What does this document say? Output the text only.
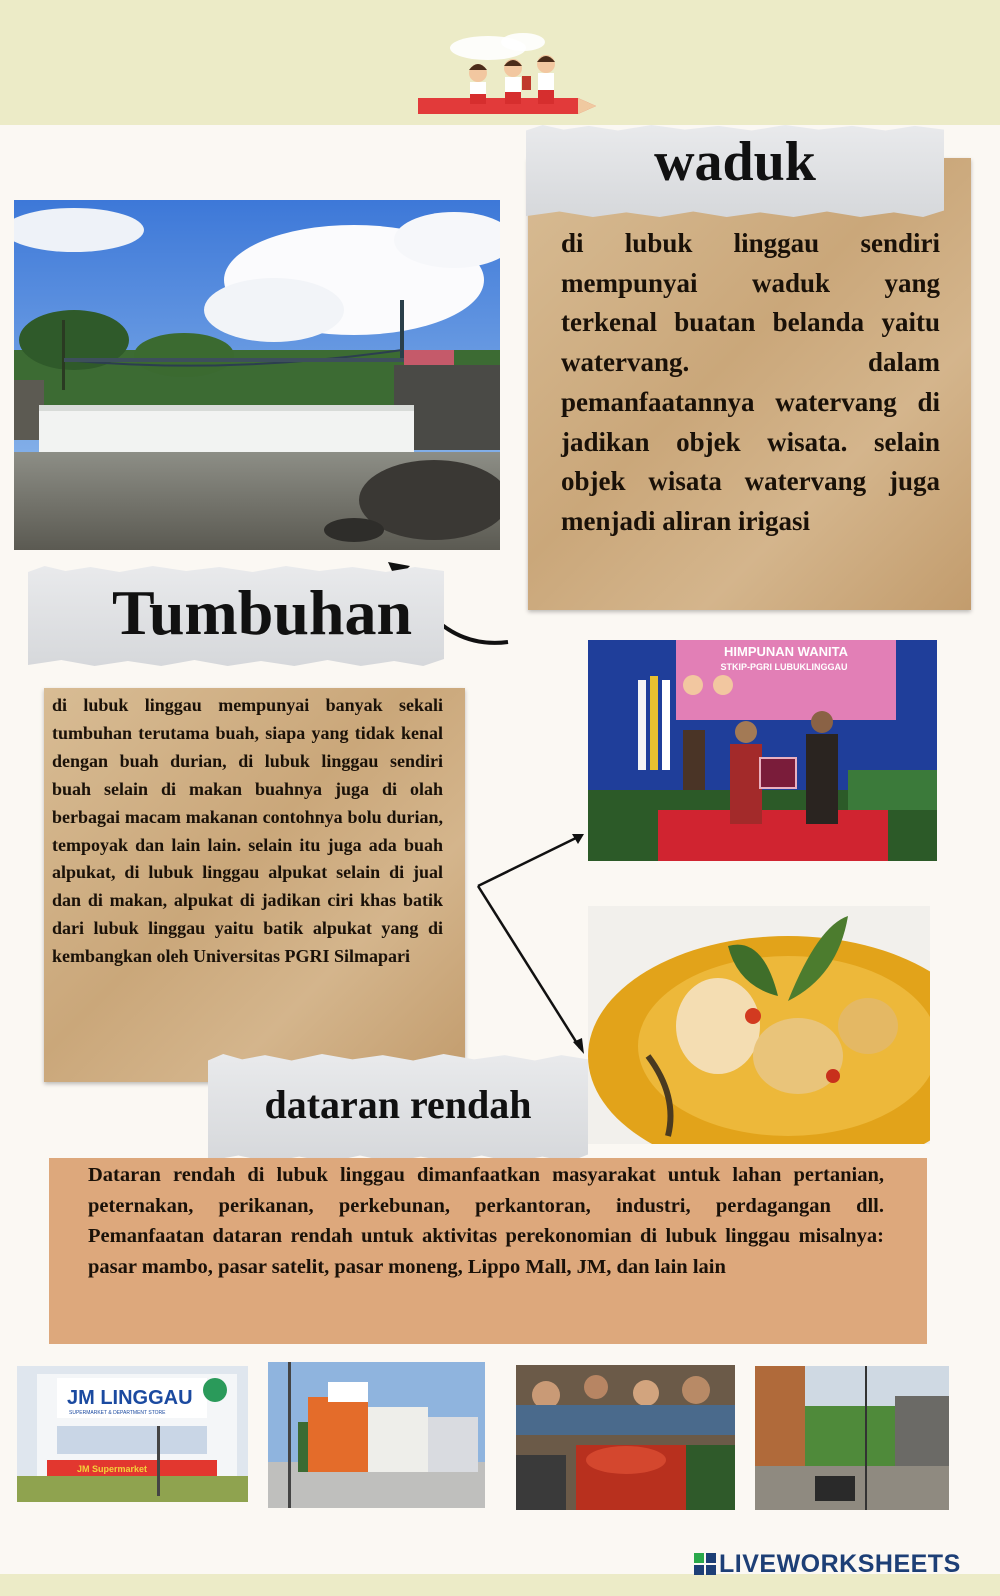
waduk
di lubuk linggau sendiri mempunyai waduk yang terkenal buatan belanda yaitu watervang. dalam pemanfaatannya watervang di jadikan objek wisata. selain objek wisata watervang juga menjadi aliran irigasi
Tumbuhan
di lubuk linggau mempunyai banyak sekali tumbuhan terutama buah, siapa yang tidak kenal dengan buah durian, di lubuk linggau sendiri buah selain di makan buahnya juga di olah berbagai macam makanan contohnya bolu durian, tempoyak dan lain lain. selain itu juga ada buah alpukat, di lubuk linggau alpukat selain di jual dan di makan, alpukat di jadikan ciri khas batik dari lubuk linggau yaitu batik alpukat yang di kembangkan oleh Universitas PGRI Silmapari
HIMPUNAN WANITA
STKIP-PGRI LUBUKLINGGAU
dataran rendah
Dataran rendah di lubuk linggau dimanfaatkan masyarakat untuk lahan pertanian, peternakan, perikanan, perkebunan, perkantoran, industri, perdagangan dll. Pemanfaatan dataran rendah untuk aktivitas perekonomian di lubuk linggau misalnya: pasar mambo, pasar satelit, pasar moneng, Lippo Mall, JM, dan lain lain
JM LINGGAU
SUPERMARKET & DEPARTMENT STORE
JM Supermarket
LIVEWORKSHEETS
